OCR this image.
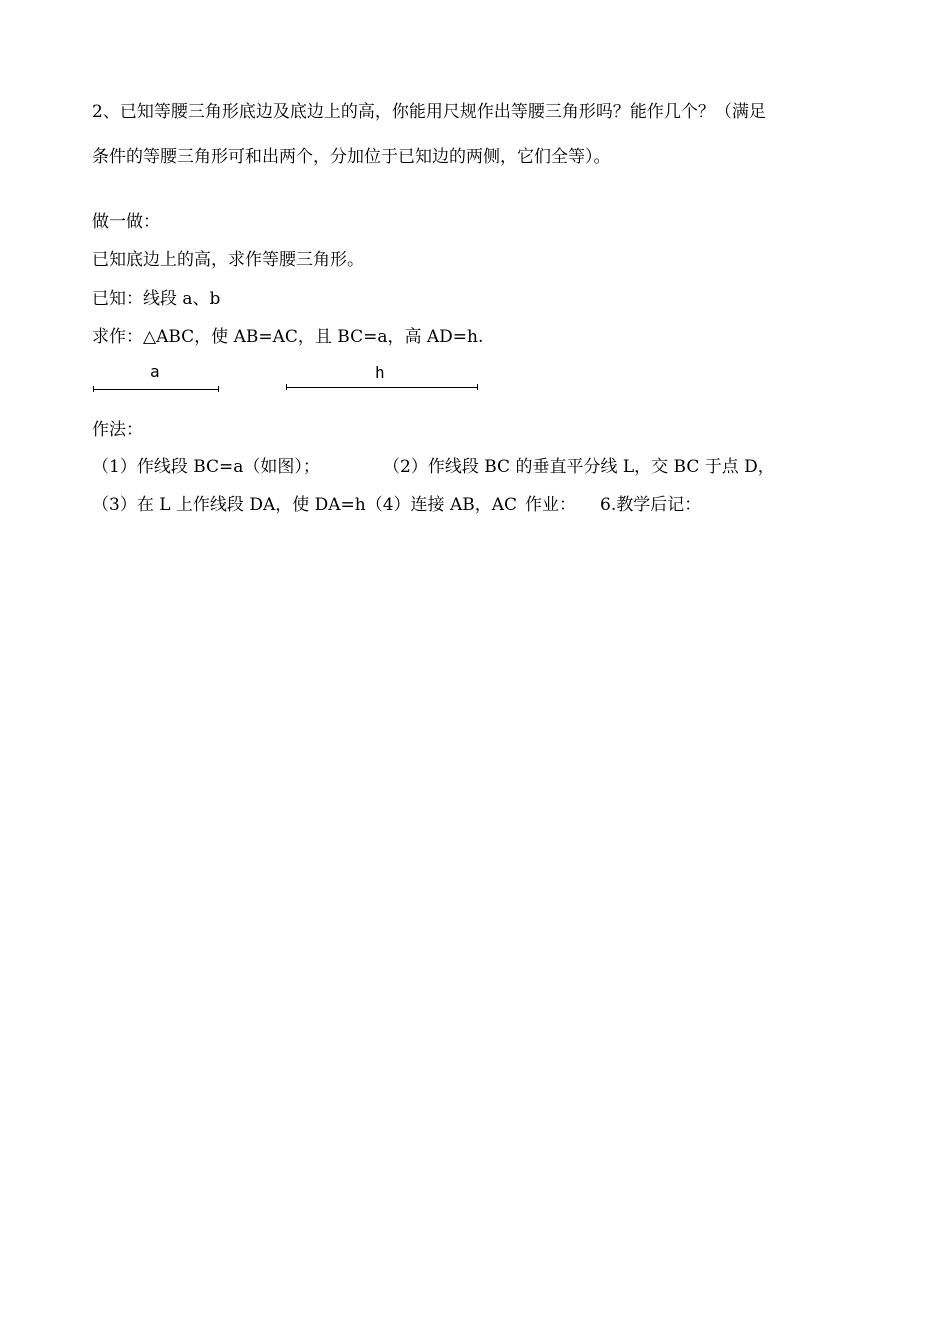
2、已知等腰三角形底边及底边上的高，你能用尺规作出等腰三角形吗？能作几个？（满足
条件的等腰三角形可和出两个，分加位于已知边的两侧，它们全等）。
做一做：
已知底边上的高，求作等腰三角形。
已知：线段 a、b
求作：△ABC，使 AB=AC，且 BC=a，高 AD=h.
a	h
作法：
（1）作线段 BC=a（如图）；	（2）作线段 BC 的垂直平分线 L，交 BC 于点 D，
（3）在 L 上作线段 DA，使 DA=h（4）连接 AB，AC 作业： 6.教学后记：
